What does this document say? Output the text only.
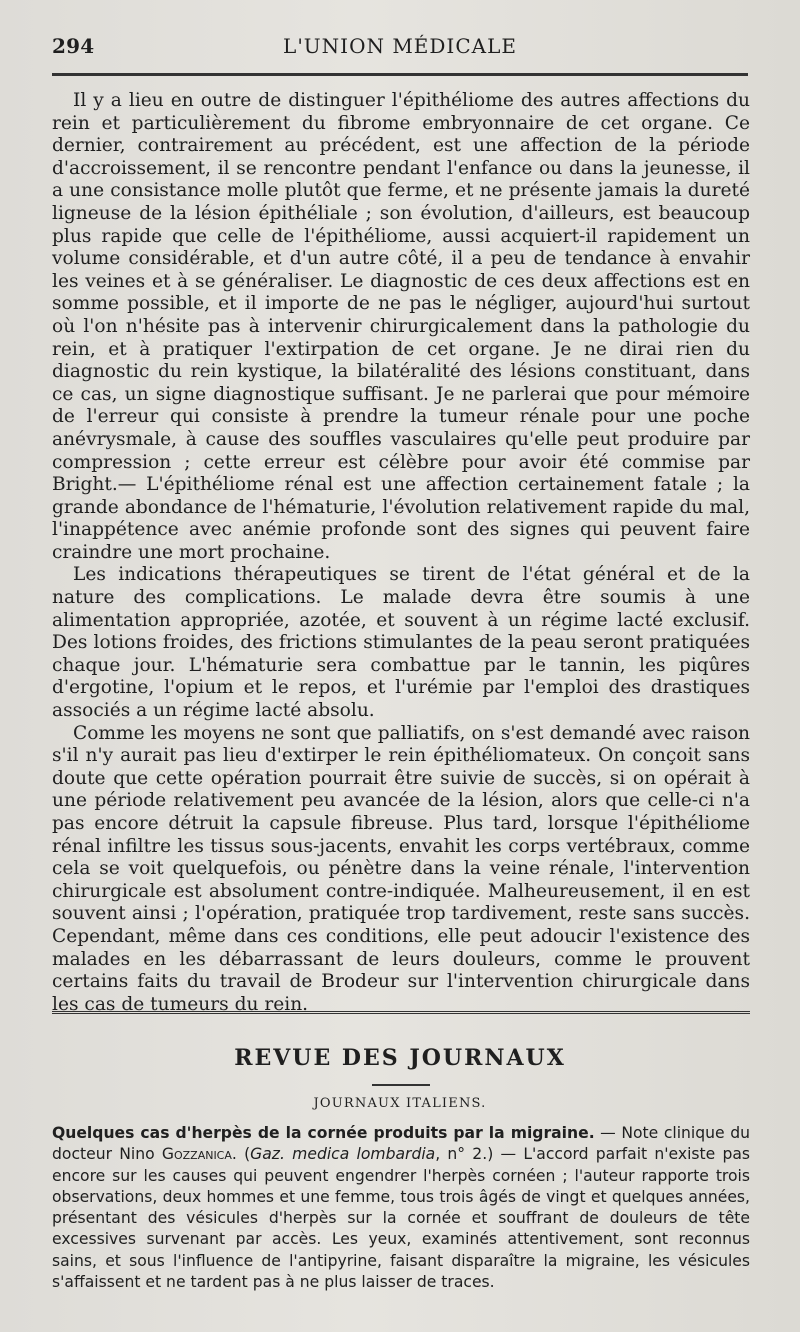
294	L'UNION MÉDICALE

Il y a lieu en outre de distinguer l'épithéliome des autres affections du rein et particulièrement du fibrome embryonnaire de cet organe. Ce dernier, contrairement au précédent, est une affection de la période d'accroissement, il se rencontre pendant l'enfance ou dans la jeunesse, il a une consistance molle plutôt que ferme, et ne présente jamais la dureté ligneuse de la lésion épithéliale ; son évolution, d'ailleurs, est beaucoup plus rapide que celle de l'épithéliome, aussi acquiert-il rapidement un volume considérable, et d'un autre côté, il a peu de tendance à envahir les veines et à se généraliser. Le diagnostic de ces deux affections est en somme possible, et il importe de ne pas le négliger, aujourd'hui surtout où l'on n'hésite pas à intervenir chirurgicalement dans la pathologie du rein, et à pratiquer l'extirpation de cet organe. Je ne dirai rien du diagnostic du rein kystique, la bilatéralité des lésions constituant, dans ce cas, un signe diagnostique suffisant. Je ne parlerai que pour mémoire de l'erreur qui consiste à prendre la tumeur rénale pour une poche anévrysmale, à cause des souffles vasculaires qu'elle peut produire par compression ; cette erreur est célèbre pour avoir été commise par Bright.— L'épithéliome rénal est une affection certainement fatale ; la grande abondance de l'hématurie, l'évolution relativement rapide du mal, l'inappétence avec anémie profonde sont des signes qui peuvent faire craindre une mort prochaine.

Les indications thérapeutiques se tirent de l'état général et de la nature des complications. Le malade devra être soumis à une alimentation appropriée, azotée, et souvent à un régime lacté exclusif. Des lotions froides, des frictions stimulantes de la peau seront pratiquées chaque jour. L'hématurie sera combattue par le tannin, les piqûres d'ergotine, l'opium et le repos, et l'urémie par l'emploi des drastiques associés a un régime lacté absolu.

Comme les moyens ne sont que palliatifs, on s'est demandé avec raison s'il n'y aurait pas lieu d'extirper le rein épithéliomateux. On conçoit sans doute que cette opération pourrait être suivie de succès, si on opérait à une période relativement peu avancée de la lésion, alors que celle-ci n'a pas encore détruit la capsule fibreuse. Plus tard, lorsque l'épithéliome rénal infiltre les tissus sous-jacents, envahit les corps vertébraux, comme cela se voit quelquefois, ou pénètre dans la veine rénale, l'intervention chirurgicale est absolument contre-indiquée. Malheureusement, il en est souvent ainsi ; l'opération, pratiquée trop tardivement, reste sans succès. Cependant, même dans ces conditions, elle peut adoucir l'existence des malades en les débarrassant de leurs douleurs, comme le prouvent certains faits du travail de Brodeur sur l'intervention chirurgicale dans les cas de tumeurs du rein.

REVUE DES JOURNAUX
JOURNAUX ITALIENS.
Quelques cas d'herpès de la cornée produits par la migraine. — Note clinique du docteur Nino Gozzanica. (Gaz. medica lombardia, n° 2.) — L'accord parfait n'existe pas encore sur les causes qui peuvent engendrer l'herpès cornéen ; l'auteur rapporte trois observations, deux hommes et une femme, tous trois âgés de vingt et quelques années, présentant des vésicules d'herpès sur la cornée et souffrant de douleurs de tête excessives survenant par accès. Les yeux, examinés attentivement, sont reconnus sains, et sous l'influence de l'antipyrine, faisant disparaître la migraine, les vésicules s'affaissent et ne tardent pas à ne plus laisser de traces.
